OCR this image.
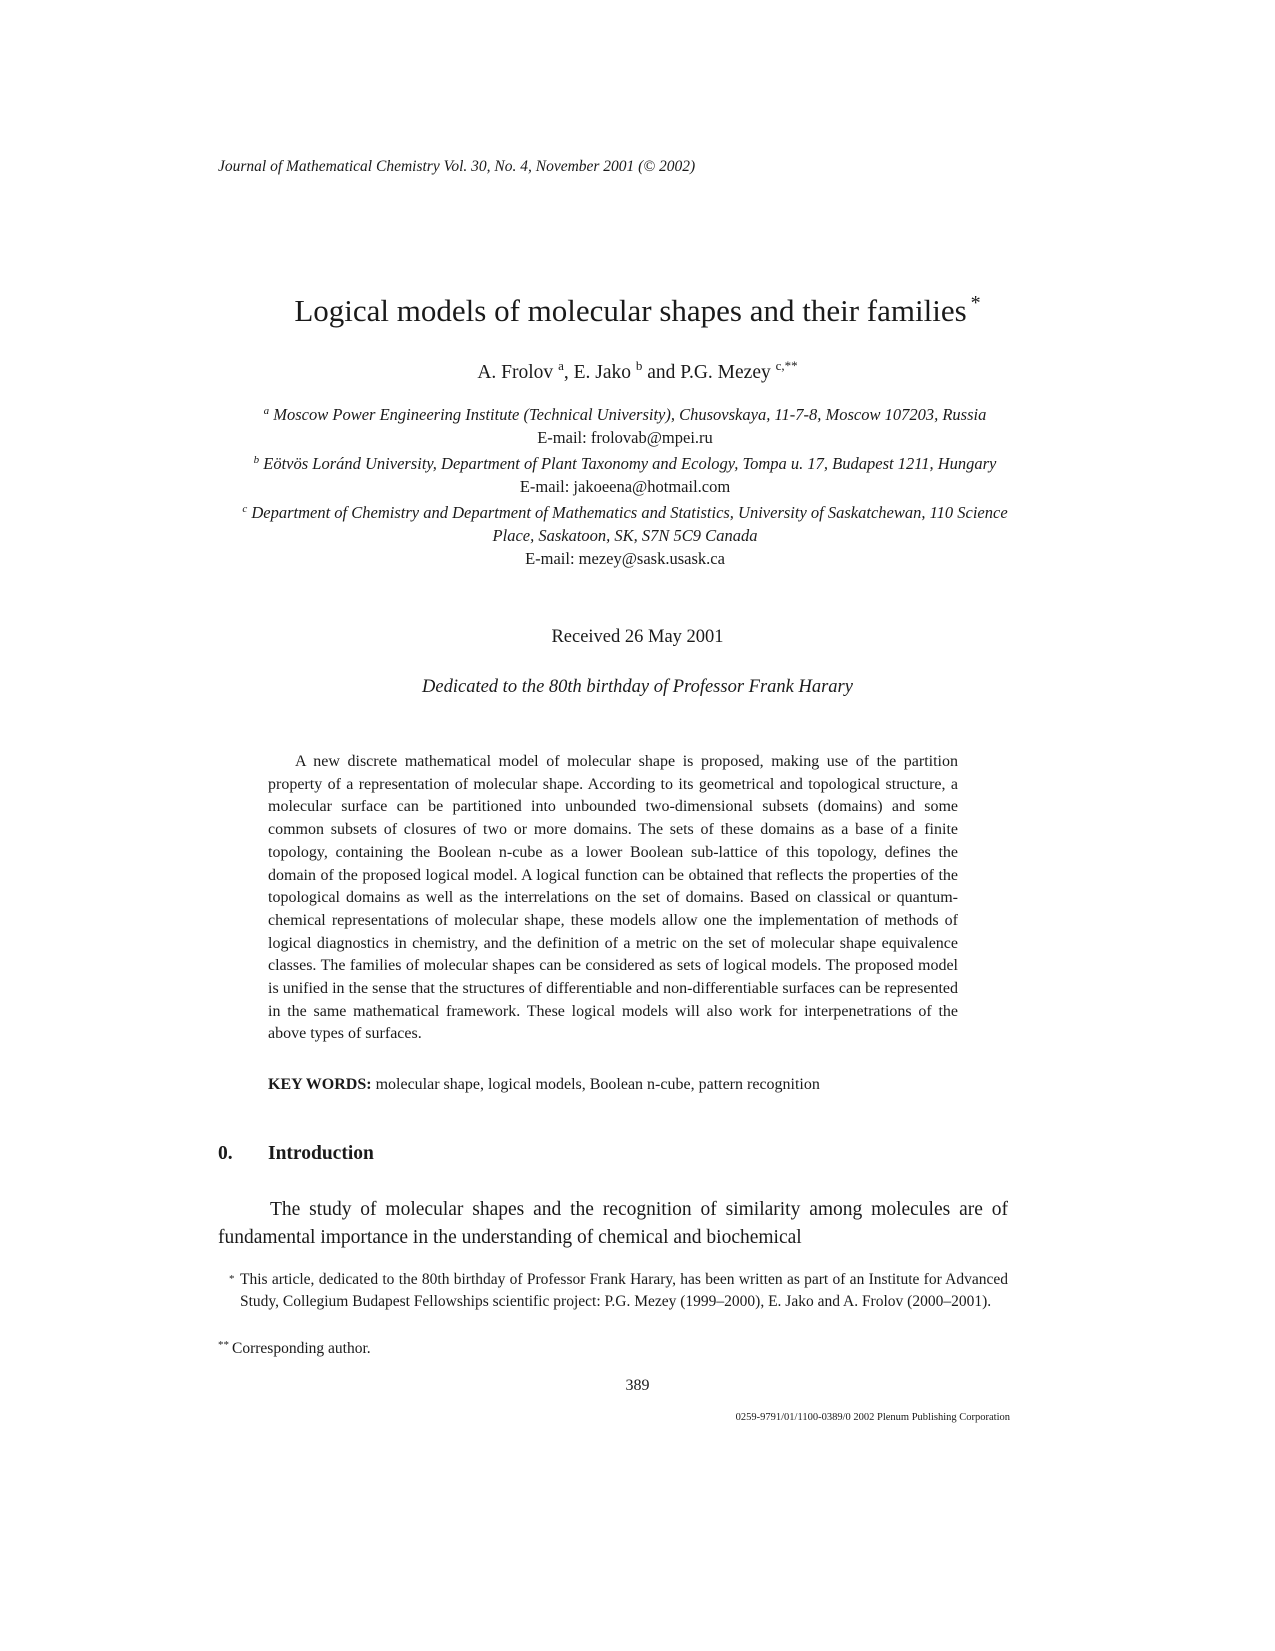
Journal of Mathematical Chemistry Vol. 30, No. 4, November 2001 (© 2002)
Logical models of molecular shapes and their families *
A. Frolov $^a$, E. Jako $^b$ and P.G. Mezey $^{c,**}$
$^a$ Moscow Power Engineering Institute (Technical University), Chusovskaya, 11-7-8, Moscow 107203, Russia
E-mail: frolovab@mpei.ru
$^b$ Eötvös Loránd University, Department of Plant Taxonomy and Ecology, Tompa u. 17, Budapest 1211, Hungary
E-mail: jakoeena@hotmail.com
$^c$ Department of Chemistry and Department of Mathematics and Statistics, University of Saskatchewan, 110 Science Place, Saskatoon, SK, S7N 5C9 Canada
E-mail: mezey@sask.usask.ca
Received 26 May 2001
Dedicated to the 80th birthday of Professor Frank Harary

A new discrete mathematical model of molecular shape is proposed, making use of the partition property of a representation of molecular shape. According to its geometrical and topological structure, a molecular surface can be partitioned into unbounded two-dimensional subsets (domains) and some common subsets of closures of two or more domains. The sets of these domains as a base of a finite topology, containing the Boolean n-cube as a lower Boolean sub-lattice of this topology, defines the domain of the proposed logical model. A logical function can be obtained that reflects the properties of the topological domains as well as the interrelations on the set of domains. Based on classical or quantum-chemical representations of molecular shape, these models allow one the implementation of methods of logical diagnostics in chemistry, and the definition of a metric on the set of molecular shape equivalence classes. The families of molecular shapes can be considered as sets of logical models. The proposed model is unified in the sense that the structures of differentiable and non-differentiable surfaces can be represented in the same mathematical framework. These logical models will also work for interpenetrations of the above types of surfaces.

KEY WORDS: molecular shape, logical models, Boolean n-cube, pattern recognition
0. Introduction

The study of molecular shapes and the recognition of similarity among molecules are of fundamental importance in the understanding of chemical and biochemical

* This article, dedicated to the 80th birthday of Professor Frank Harary, has been written as part of an Institute for Advanced Study, Collegium Budapest Fellowships scientific project: P.G. Mezey (1999–2000), E. Jako and A. Frolov (2000–2001).
** Corresponding author.
389
0259-9791/01/1100-0389/0 2002 Plenum Publishing Corporation
